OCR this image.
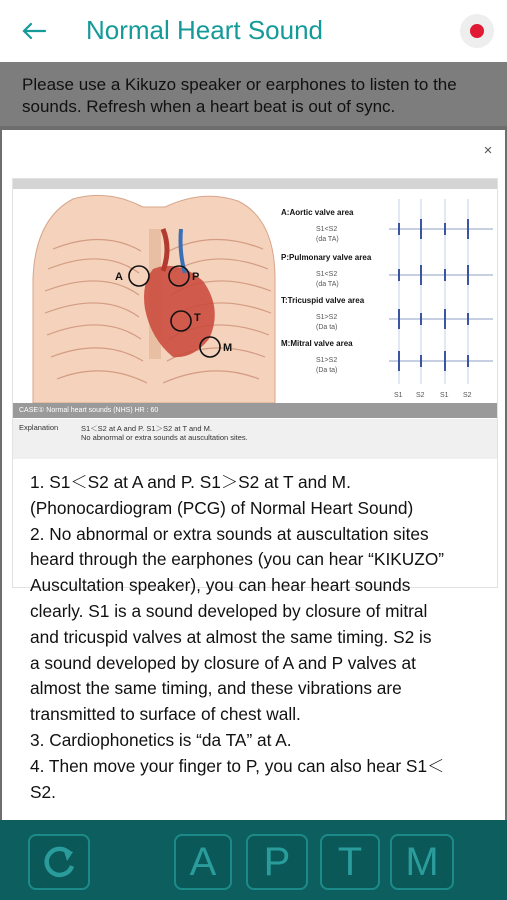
Normal Heart Sound
Please use a Kikuzo speaker or earphones to listen to the sounds. Refresh when a heart beat is out of sync.
×
A	P
T
M
A:Aortic valve area
S1<S2
(da TA)
P:Pulmonary valve area
S1<S2
(da TA)
T:Tricuspid valve area
S1>S2
(Da ta)
M:Mitral valve area
S1>S2
(Da ta)
S1 S2 S1 S2
CASE① Normal heart sounds (NHS) HR : 60
Explanation	S1＜S2 at A and P. S1＞S2 at T and M.
No abnormal or extra sounds at auscultation sites.
1. S1＜S2 at A and P. S1＞S2 at T and M.
(Phonocardiogram (PCG) of Normal Heart Sound)
2. No abnormal or extra sounds at auscultation sites
heard through the earphones (you can hear “KIKUZO”
Auscultation speaker), you can hear heart sounds
clearly. S1 is a sound developed by closure of mitral
and tricuspid valves at almost the same timing. S2 is
a sound developed by closure of A and P valves at
almost the same timing, and these vibrations are
transmitted to surface of chest wall.
3. Cardiophonetics is “da TA” at A.
4. Then move your finger to P, you can also hear S1＜
S2.
A	P	T	M
